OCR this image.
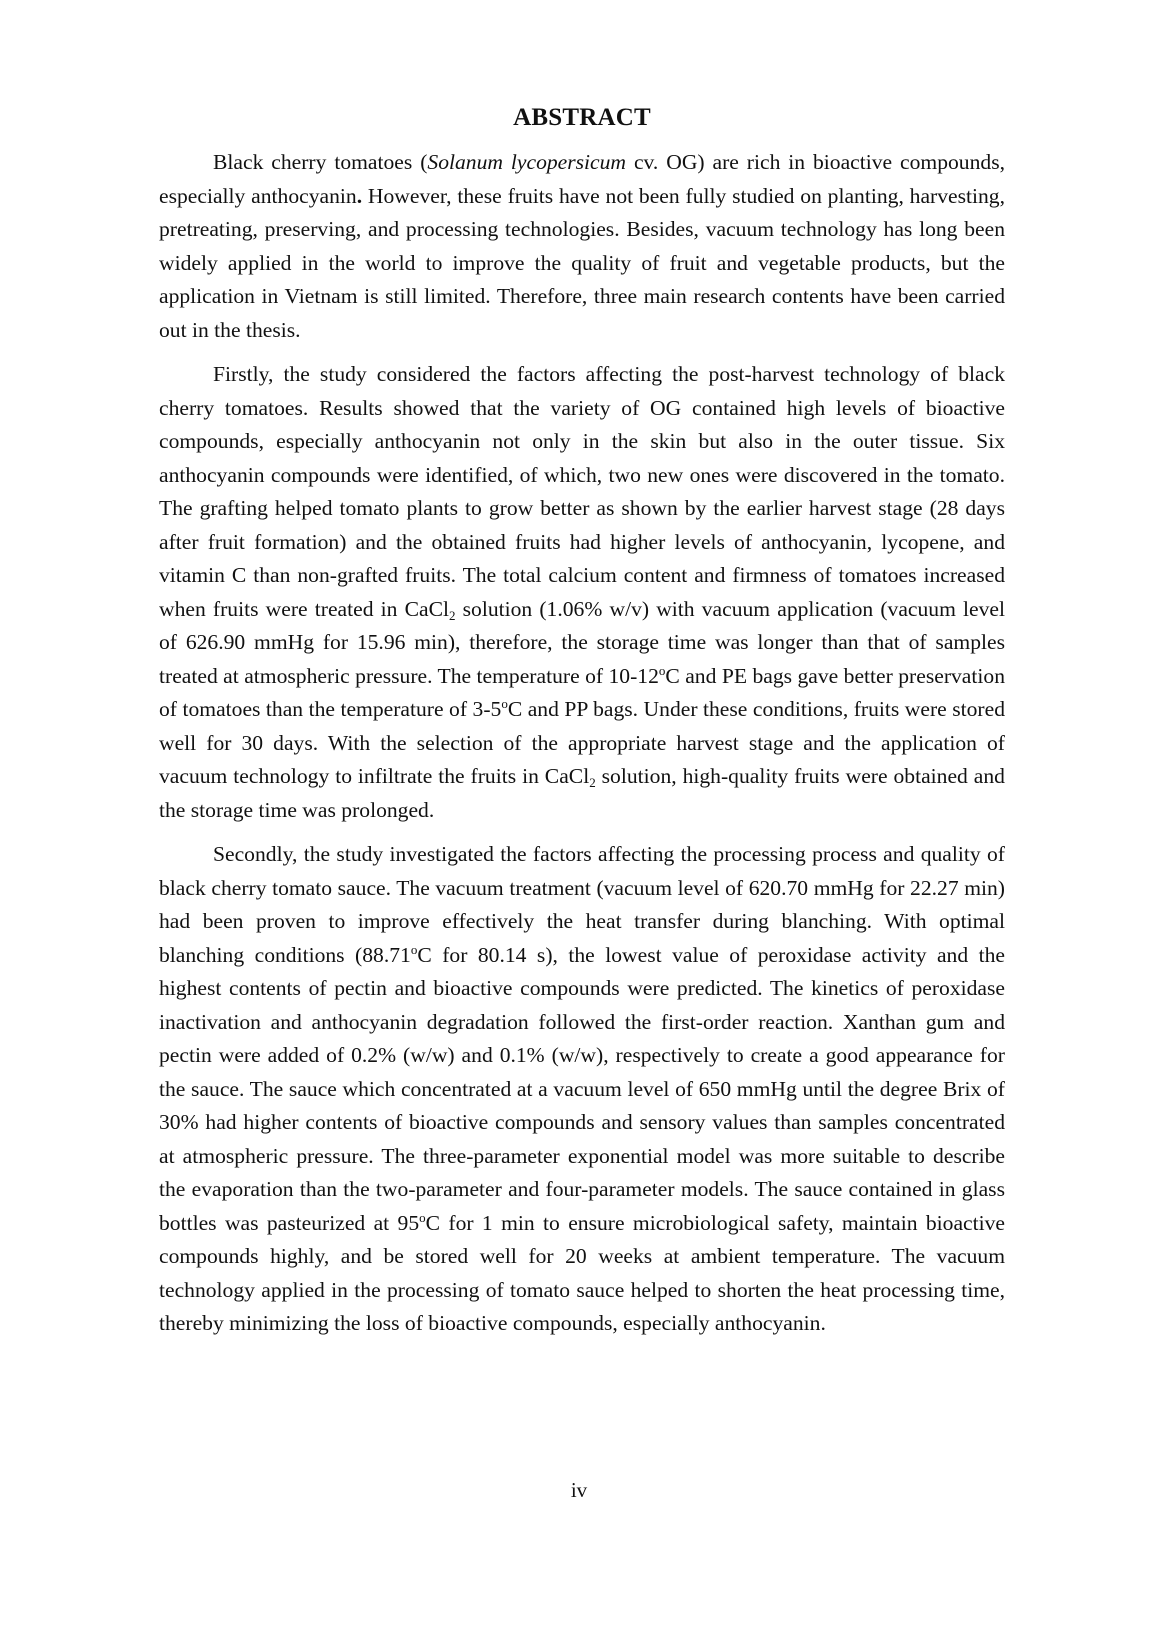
ABSTRACT

Black cherry tomatoes (Solanum lycopersicum cv. OG) are rich in bioactive compounds, especially anthocyanin. However, these fruits have not been fully studied on planting, harvesting, pretreating, preserving, and processing technologies. Besides, vacuum technology has long been widely applied in the world to improve the quality of fruit and vegetable products, but the application in Vietnam is still limited. Therefore, three main research contents have been carried out in the thesis.

Firstly, the study considered the factors affecting the post-harvest technology of black cherry tomatoes. Results showed that the variety of OG contained high levels of bioactive compounds, especially anthocyanin not only in the skin but also in the outer tissue. Six anthocyanin compounds were identified, of which, two new ones were discovered in the tomato. The grafting helped tomato plants to grow better as shown by the earlier harvest stage (28 days after fruit formation) and the obtained fruits had higher levels of anthocyanin, lycopene, and vitamin C than non-grafted fruits. The total calcium content and firmness of tomatoes increased when fruits were treated in CaCl$_2$ solution (1.06% w/v) with vacuum application (vacuum level of 626.90 mmHg for 15.96 min), therefore, the storage time was longer than that of samples treated at atmospheric pressure. The temperature of 10-12$^o$C and PE bags gave better preservation of tomatoes than the temperature of 3-5$^o$C and PP bags. Under these conditions, fruits were stored well for 30 days. With the selection of the appropriate harvest stage and the application of vacuum technology to infiltrate the fruits in CaCl$_2$ solution, high-quality fruits were obtained and the storage time was prolonged.

Secondly, the study investigated the factors affecting the processing process and quality of black cherry tomato sauce. The vacuum treatment (vacuum level of 620.70 mmHg for 22.27 min) had been proven to improve effectively the heat transfer during blanching. With optimal blanching conditions (88.71$^o$C for 80.14 s), the lowest value of peroxidase activity and the highest contents of pectin and bioactive compounds were predicted. The kinetics of peroxidase inactivation and anthocyanin degradation followed the first-order reaction. Xanthan gum and pectin were added of 0.2% (w/w) and 0.1% (w/w), respectively to create a good appearance for the sauce. The sauce which concentrated at a vacuum level of 650 mmHg until the degree Brix of 30% had higher contents of bioactive compounds and sensory values than samples concentrated at atmospheric pressure. The three-parameter exponential model was more suitable to describe the evaporation than the two-parameter and four-parameter models. The sauce contained in glass bottles was pasteurized at 95$^o$C for 1 min to ensure microbiological safety, maintain bioactive compounds highly, and be stored well for 20 weeks at ambient temperature. The vacuum technology applied in the processing of tomato sauce helped to shorten the heat processing time, thereby minimizing the loss of bioactive compounds, especially anthocyanin.

iv
